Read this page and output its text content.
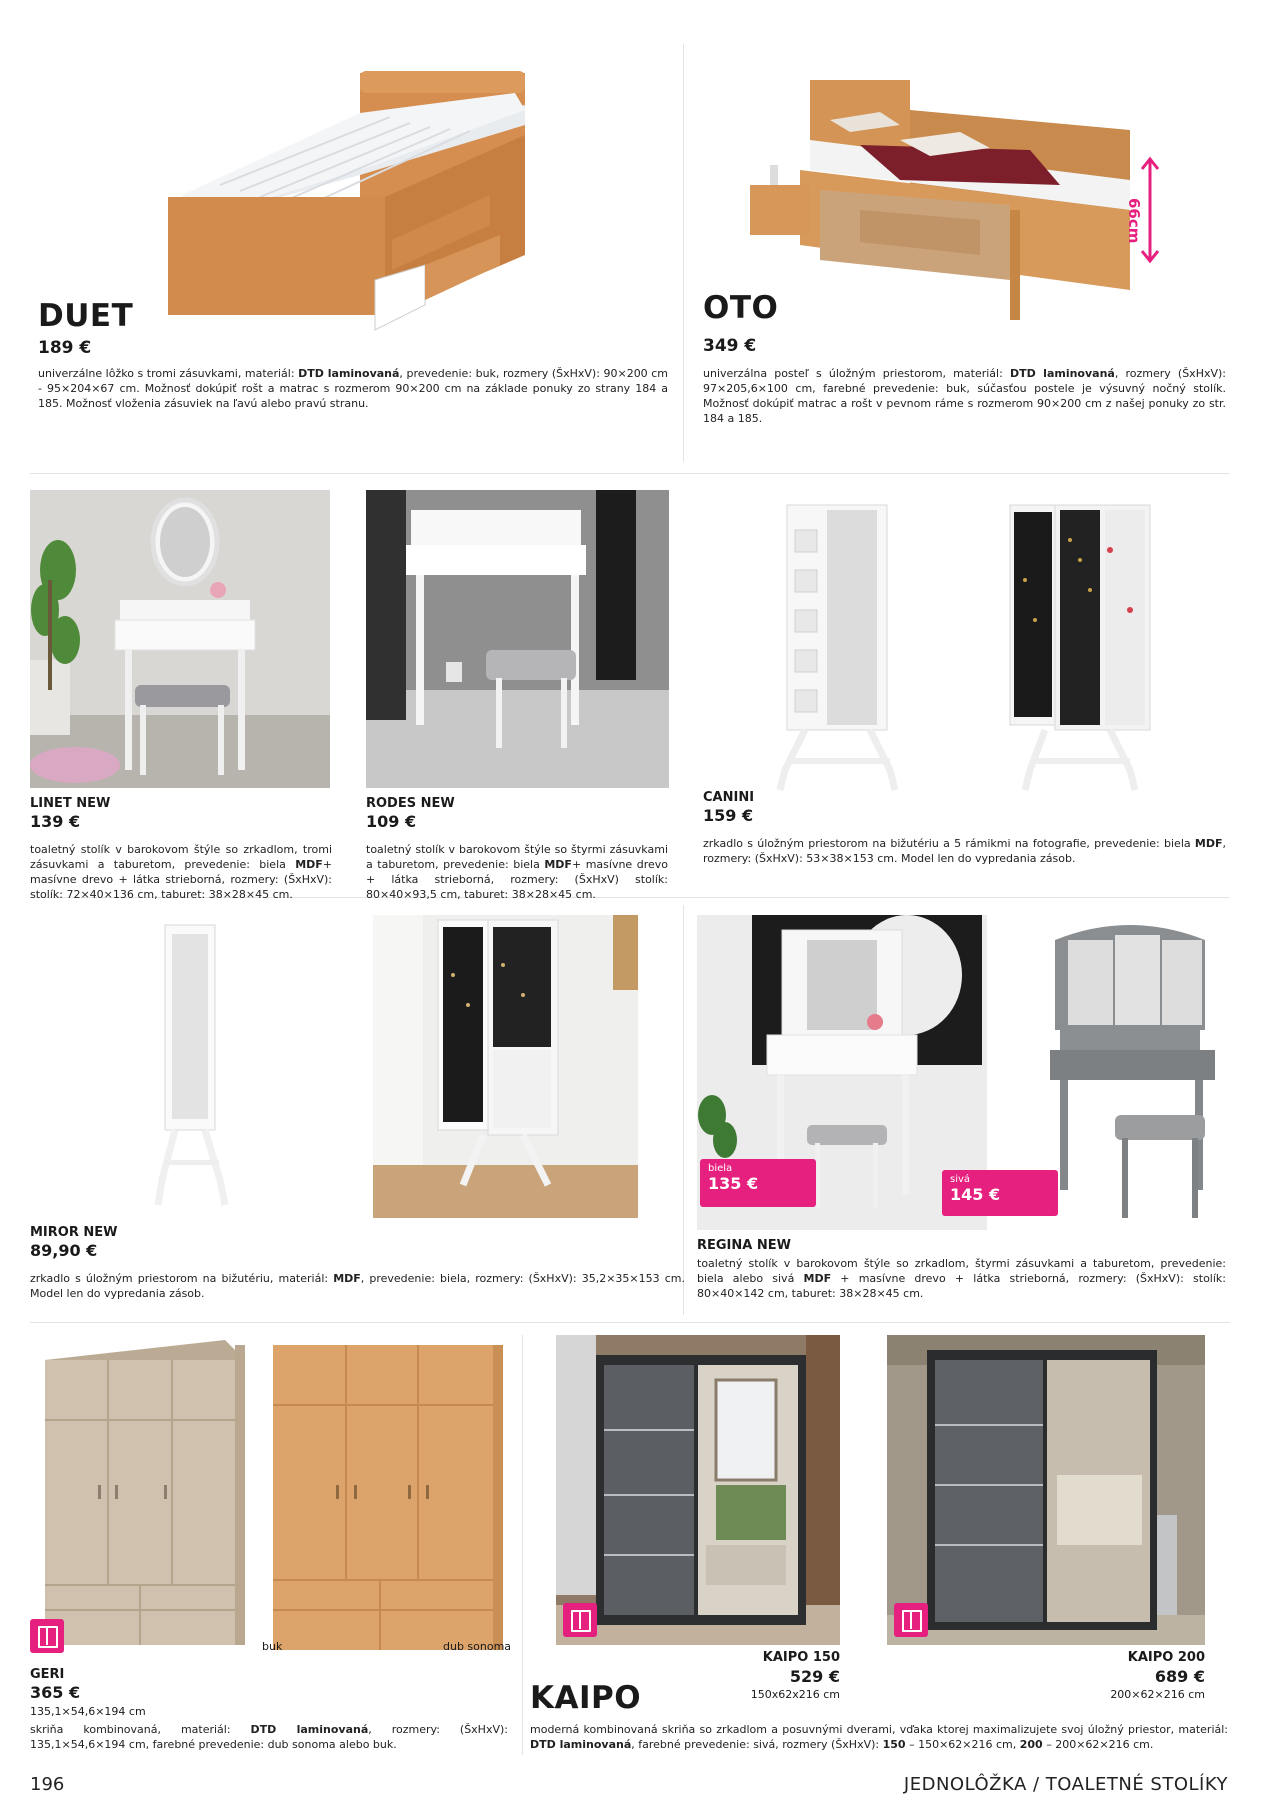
DUET
189 €
univerzálne lôžko s tromi zásuvkami, materiál: DTD laminovaná, prevedenie: buk, rozmery (ŠxHxV): 90×200 cm - 95×204×67 cm. Možnosť dokúpiť rošt a matrac s rozmerom 90×200 cm na základe ponuky zo strany 184 a 185. Možnosť vloženia zásuviek na ľavú alebo pravú stranu.
66cm
OTO
349 €
univerzálna posteľ s úložným priestorom, materiál: DTD laminovaná, rozmery (ŠxHxV): 97×205,6×100 cm, farebné prevedenie: buk, súčasťou postele je výsuvný nočný stolík. Možnosť dokúpiť matrac a rošt v pevnom ráme s rozmerom 90×200 cm z našej ponuky zo str. 184 a 185.
LINET NEW
139 €
toaletný stolík v barokovom štýle so zrkadlom, tromi zásuvkami a taburetom, prevedenie: biela MDF+ masívne drevo + látka strieborná, rozmery: (ŠxHxV): stolík: 72×40×136 cm, taburet: 38×28×45 cm.
RODES NEW
109 €
toaletný stolík v barokovom štýle so štyrmi zásuvkami a taburetom, prevedenie: biela MDF+ masívne drevo + látka strieborná, rozmery: (ŠxHxV) stolík: 80×40×93,5 cm, taburet: 38×28×45 cm.
CANINI
159 €
zrkadlo s úložným priestorom na bižutériu a 5 rámikmi na fotografie, prevedenie: biela MDF, rozmery: (ŠxHxV): 53×38×153 cm. Model len do vypredania zásob.
MIROR NEW
89,90 €
zrkadlo s úložným priestorom na bižutériu, materiál: MDF, prevedenie: biela, rozmery: (ŠxHxV): 35,2×35×153 cm. Model len do vypredania zásob.
biela
135 €	sivá
145 €
REGINA NEW
toaletný stolík v barokovom štýle so zrkadlom, štyrmi zásuvkami a taburetom, prevedenie: biela alebo sivá MDF + masívne drevo + látka strieborná, rozmery: (ŠxHxV): stolík: 80×40×142 cm, taburet: 38×28×45 cm.
buk	dub sonoma
GERI
365 €
135,1×54,6×194 cm
skriňa kombinovaná, materiál: DTD laminovaná, rozmery: (ŠxHxV): 135,1×54,6×194 cm, farebné prevedenie: dub sonoma alebo buk.
KAIPO
KAIPO 150
529 €
150x62x216 cm
KAIPO 200
689 €
200×62×216 cm
moderná kombinovaná skriňa so zrkadlom a posuvnými dverami, vďaka ktorej maximalizujete svoj úložný priestor, materiál: DTD laminovaná, farebné prevedenie: sivá, rozmery (ŠxHxV): 150 – 150×62×216 cm, 200 – 200×62×216 cm.
196	JEDNOLÔŽKA / TOALETNÉ STOLÍKY
